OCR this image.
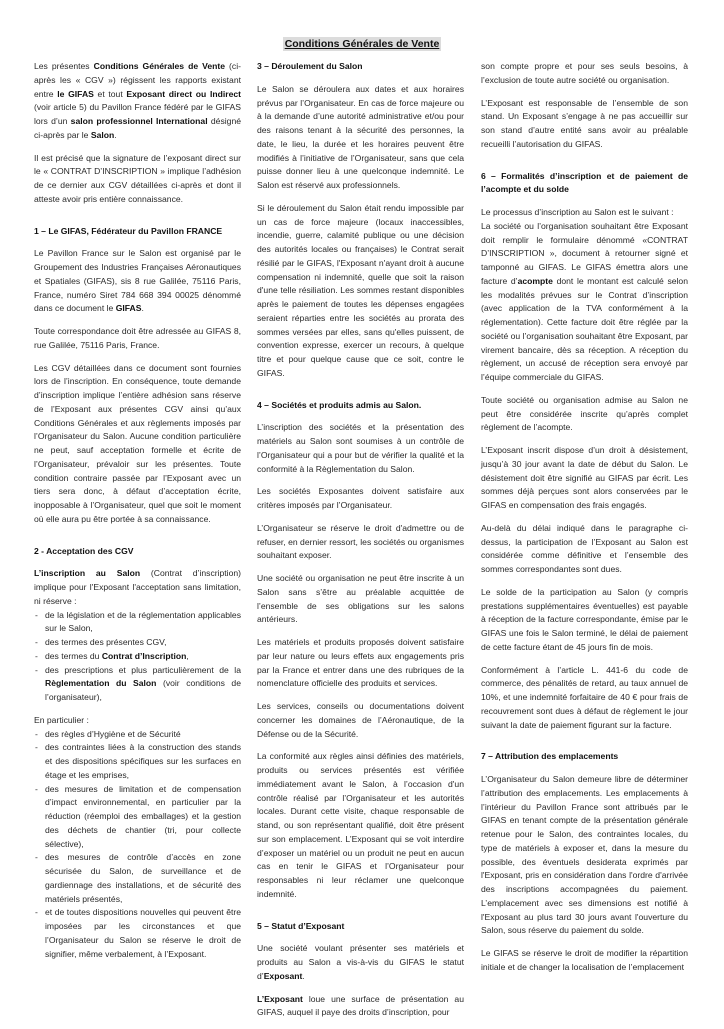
Conditions Générales de Vente

Les présentes Conditions Générales de Vente (ci-après les « CGV ») régissent les rapports existant entre le GIFAS et tout Exposant direct ou Indirect (voir article 5) du Pavillon France fédéré par le GIFAS lors d’un salon professionnel International désigné ci-après par le Salon.

Il est précisé que la signature de l’exposant direct sur le « CONTRAT D’INSCRIPTION » implique l’adhésion de ce dernier aux CGV détaillées ci-après et dont il atteste avoir pris entière connaissance.

1 – Le GIFAS, Fédérateur du Pavillon FRANCE

Le Pavillon France sur le Salon est organisé par le Groupement des Industries Françaises Aéronautiques et Spatiales (GIFAS), sis 8 rue Galilée, 75116 Paris, France, numéro Siret 784 668 394 00025 dénommé dans ce document le GIFAS.

Toute correspondance doit être adressée au GIFAS 8, rue Galilée, 75116 Paris, France.

Les CGV détaillées dans ce document sont fournies lors de l’inscription. En conséquence, toute demande d’inscription implique l’entière adhésion sans réserve de l’Exposant aux présentes CGV ainsi qu’aux Conditions Générales et aux règlements imposés par l’Organisateur du Salon. Aucune condition particulière ne peut, sauf acceptation formelle et écrite de l’Organisateur, prévaloir sur les présentes. Toute condition contraire passée par l’Exposant avec un tiers sera donc, à défaut d’acceptation écrite, inopposable à l’Organisateur, quel que soit le moment où elle aura pu être portée à sa connaissance.

2 - Acceptation des CGV

L’inscription au Salon (Contrat d’inscription) implique pour l'Exposant l'acceptation sans limitation, ni réserve :

- de la législation et de la réglementation applicables sur le Salon,
- des termes des présentes CGV,
- des termes du Contrat d’Inscription,
- des prescriptions et plus particulièrement de la Règlementation du Salon (voir conditions de l’organisateur),

En particulier :

- des règles d’Hygiène et de Sécurité
- des contraintes liées à la construction des stands et des dispositions spécifiques sur les surfaces en étage et les emprises,
- des mesures de limitation et de compensation d’impact environnemental, en particulier par la réduction (réemploi des emballages) et la gestion des déchets de chantier (tri, pour collecte sélective),
- des mesures de contrôle d’accès en zone sécurisée du Salon, de surveillance et de gardiennage des installations, et de sécurité des matériels présentés,
- et de toutes dispositions nouvelles qui peuvent être imposées par les circonstances et que l’Organisateur du Salon se réserve le droit de signifier, même verbalement, à l’Exposant.
3 – Déroulement du Salon

Le Salon se déroulera aux dates et aux horaires prévus par l’Organisateur. En cas de force majeure ou à la demande d’une autorité administrative et/ou pour des raisons tenant à la sécurité des personnes, la date, le lieu, la durée et les horaires peuvent être modifiés à l’initiative de l’Organisateur, sans que cela puisse donner lieu à une quelconque indemnité. Le Salon est réservé aux professionnels.

Si le déroulement du Salon était rendu impossible par un cas de force majeure (locaux inaccessibles, incendie, guerre, calamité publique ou une décision des autorités locales ou françaises) le Contrat serait résilié par le GIFAS, l'Exposant n'ayant droit à aucune compensation ni indemnité, quelle que soit la raison d'une telle résiliation. Les sommes restant disponibles après le paiement de toutes les dépenses engagées seraient réparties entre les sociétés au prorata des sommes versées par elles, sans qu'elles puissent, de convention expresse, exercer un recours, à quelque titre et pour quelque cause que ce soit, contre le GIFAS.

4 – Sociétés et produits admis au Salon.

L’inscription des sociétés et la présentation des matériels au Salon sont soumises à un contrôle de l’Organisateur qui a pour but de vérifier la qualité et la conformité à la Règlementation du Salon.

Les sociétés Exposantes doivent satisfaire aux critères imposés par l’Organisateur.

L’Organisateur se réserve le droit d'admettre ou de refuser, en dernier ressort, les sociétés ou organismes souhaitant exposer.

Une société ou organisation ne peut être inscrite à un Salon sans s’être au préalable acquittée de l’ensemble de ses obligations sur les salons antérieurs.

Les matériels et produits proposés doivent satisfaire par leur nature ou leurs effets aux engagements pris par la France et entrer dans une des rubriques de la nomenclature officielle des produits et services.

Les services, conseils ou documentations doivent concerner les domaines de l’Aéronautique, de la Défense ou de la Sécurité.

La conformité aux règles ainsi définies des matériels, produits ou services présentés est vérifiée immédiatement avant le Salon, à l’occasion d'un contrôle réalisé par l’Organisateur et les autorités locales. Durant cette visite, chaque responsable de stand, ou son représentant qualifié, doit être présent sur son emplacement. L’Exposant qui se voit interdire d’exposer un matériel ou un produit ne peut en aucun cas en tenir le GIFAS et l’Organisateur pour responsables ni leur réclamer une quelconque indemnité.

5 – Statut d’Exposant

Une société voulant présenter ses matériels et produits au Salon a vis-à-vis du GIFAS le statut d’Exposant.

L’Exposant loue une surface de présentation au GIFAS, auquel il paye des droits d’inscription, pour

son compte propre et pour ses seuls besoins, à l’exclusion de toute autre société ou organisation.

L’Exposant est responsable de l’ensemble de son stand. Un Exposant s’engage à ne pas accueillir sur son stand d’autre entité sans avoir au préalable recueilli l’autorisation du GIFAS.

6 – Formalités d’inscription et de paiement de l’acompte et du solde

Le processus d’inscription au Salon est le suivant :

La société ou l’organisation souhaitant être Exposant doit remplir le formulaire dénommé «CONTRAT D’INSCRIPTION », document à retourner signé et tamponné au GIFAS. Le GIFAS émettra alors une facture d’acompte dont le montant est calculé selon les modalités prévues sur le Contrat d’inscription (avec application de la TVA conformément à la réglementation). Cette facture doit être réglée par la société ou l’organisation souhaitant être Exposant, par virement bancaire, dès sa réception. A réception du règlement, un accusé de réception sera envoyé par l’équipe commerciale du GIFAS.

Toute société ou organisation admise au Salon ne peut être considérée inscrite qu’après complet règlement de l’acompte.

L’Exposant inscrit dispose d’un droit à désistement, jusqu’à 30 jour avant la date de début du Salon. Le désistement doit être signifié au GIFAS par écrit. Les sommes déjà perçues sont alors conservées par le GIFAS en compensation des frais engagés.

Au-delà du délai indiqué dans le paragraphe ci-dessus, la participation de l’Exposant au Salon est considérée comme définitive et l’ensemble des sommes correspondantes sont dues.

Le solde de la participation au Salon (y compris prestations supplémentaires éventuelles) est payable à réception de la facture correspondante, émise par le GIFAS une fois le Salon terminé, le délai de paiement de cette facture étant de 45 jours fin de mois.

Conformément à l’article L. 441-6 du code de commerce, des pénalités de retard, au taux annuel de 10%, et une indemnité forfaitaire de 40 € pour frais de recouvrement sont dues à défaut de règlement le jour suivant la date de paiement figurant sur la facture.

7 – Attribution des emplacements

L’Organisateur du Salon demeure libre de déterminer l’attribution des emplacements. Les emplacements à l’intérieur du Pavillon France sont attribués par le GIFAS en tenant compte de la présentation générale retenue pour le Salon, des contraintes locales, du type de matériels à exposer et, dans la mesure du possible, des éventuels desiderata exprimés par l'Exposant, pris en considération dans l'ordre d'arrivée des inscriptions accompagnées du paiement. L’emplacement avec ses dimensions est notifié à l'Exposant au plus tard 30 jours avant l'ouverture du Salon, sous réserve du paiement du solde.

Le GIFAS se réserve le droit de modifier la répartition initiale et de changer la localisation de l’emplacement
